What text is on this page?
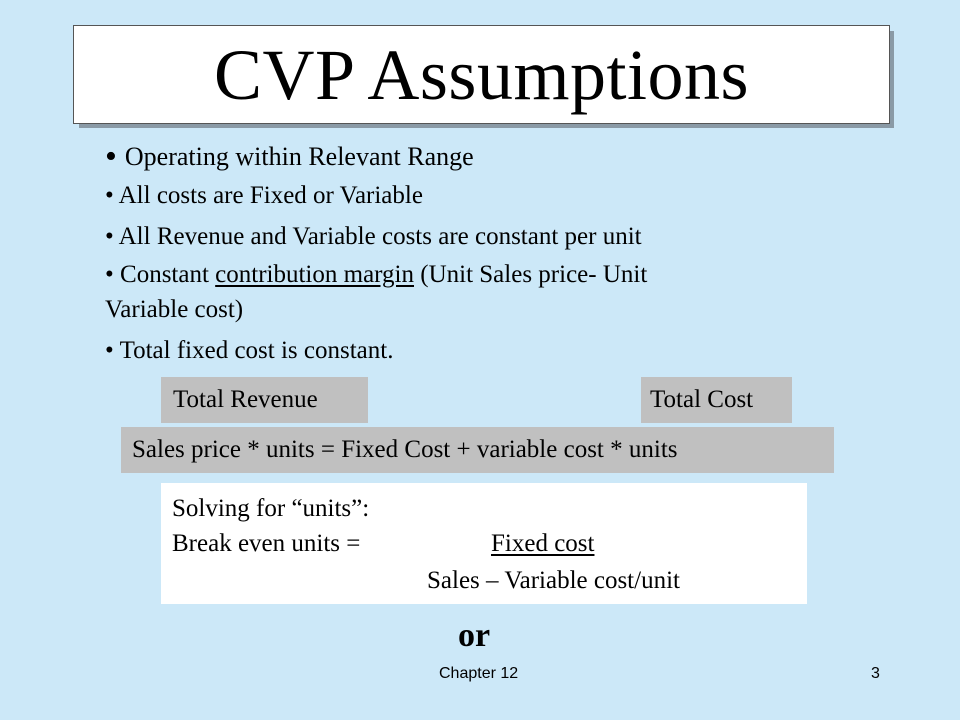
CVP Assumptions
• Operating within Relevant Range
• All costs are Fixed or Variable
• All Revenue and Variable costs are constant per unit
• Constant contribution margin (Unit Sales price- Unit
Variable cost)
• Total fixed cost is constant.
Total Revenue	Total Cost
Sales price * units = Fixed Cost + variable cost * units
Solving for “units”:
Break even units =	Fixed cost
Sales – Variable cost/unit
or
Chapter 12	3
